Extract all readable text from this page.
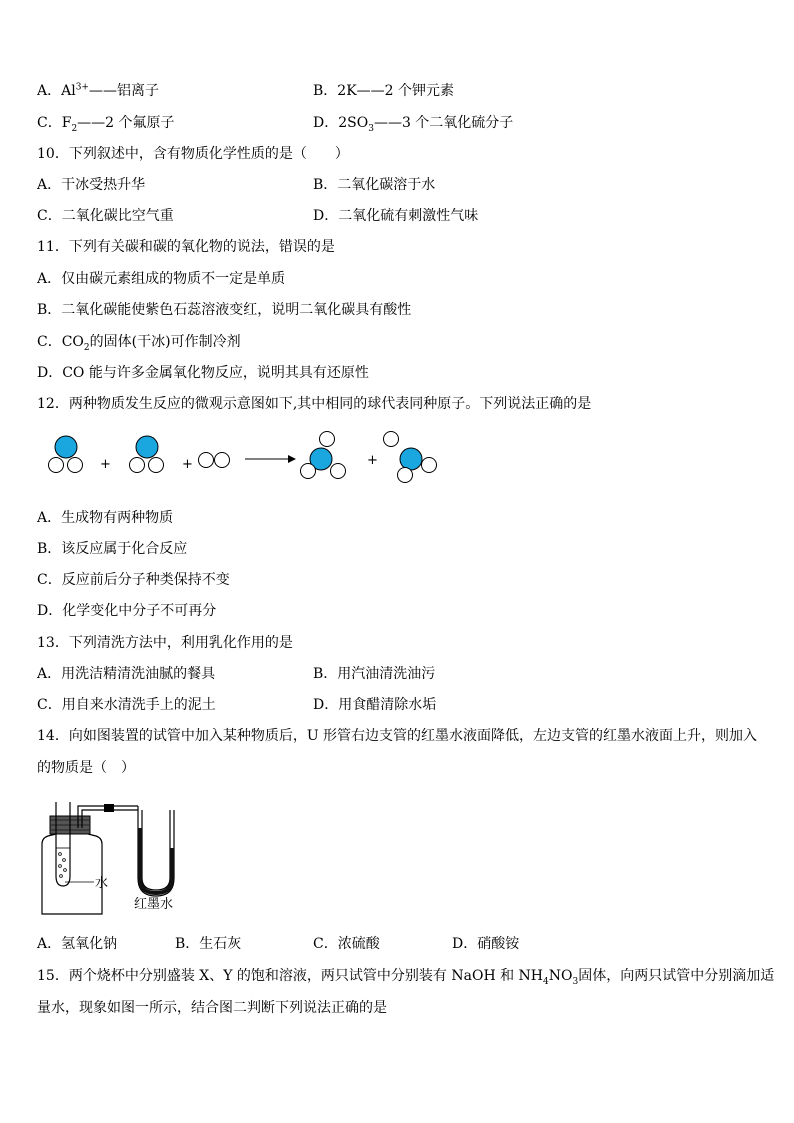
A．$Al^{3+}——$铝离子	B．2K——2 个钾元素
C．$F_2——2$ 个氟原子	D．$2SO_3——3$ 个二氧化硫分子
10．下列叙述中，含有物质化学性质的是（　　）
A．干冰受热升华	B．二氧化碳溶于水
C．二氧化碳比空气重	D．二氧化硫有刺激性气味
11．下列有关碳和碳的氧化物的说法，错误的是
A．仅由碳元素组成的物质不一定是单质
B．二氧化碳能使紫色石蕊溶液变红，说明二氧化碳具有酸性
C．$CO_2$的固体(干冰)可作制冷剂
D．CO 能与许多金属氧化物反应，说明其具有还原性
12．两种物质发生反应的微观示意图如下,其中相同的球代表同种原子。下列说法正确的是
+	+	+
A．生成物有两种物质
B．该反应属于化合反应
C．反应前后分子种类保持不变
D．化学变化中分子不可再分
13．下列清洗方法中，利用乳化作用的是
A．用洗洁精清洗油腻的餐具	B．用汽油清洗油污
C．用自来水清洗手上的泥土	D．用食醋清除水垢
14．向如图装置的试管中加入某种物质后，U 形管右边支管的红墨水液面降低，左边支管的红墨水液面上升，则加入
的物质是（　）
水
红墨水
A．氢氧化钠	B．生石灰	C．浓硫酸	D．硝酸铵
15．两个烧杯中分别盛装 X、Y 的饱和溶液，两只试管中分别装有 NaOH 和 $NH_4NO_3$固体，向两只试管中分别滴加适
量水，现象如图一所示，结合图二判断下列说法正确的是
